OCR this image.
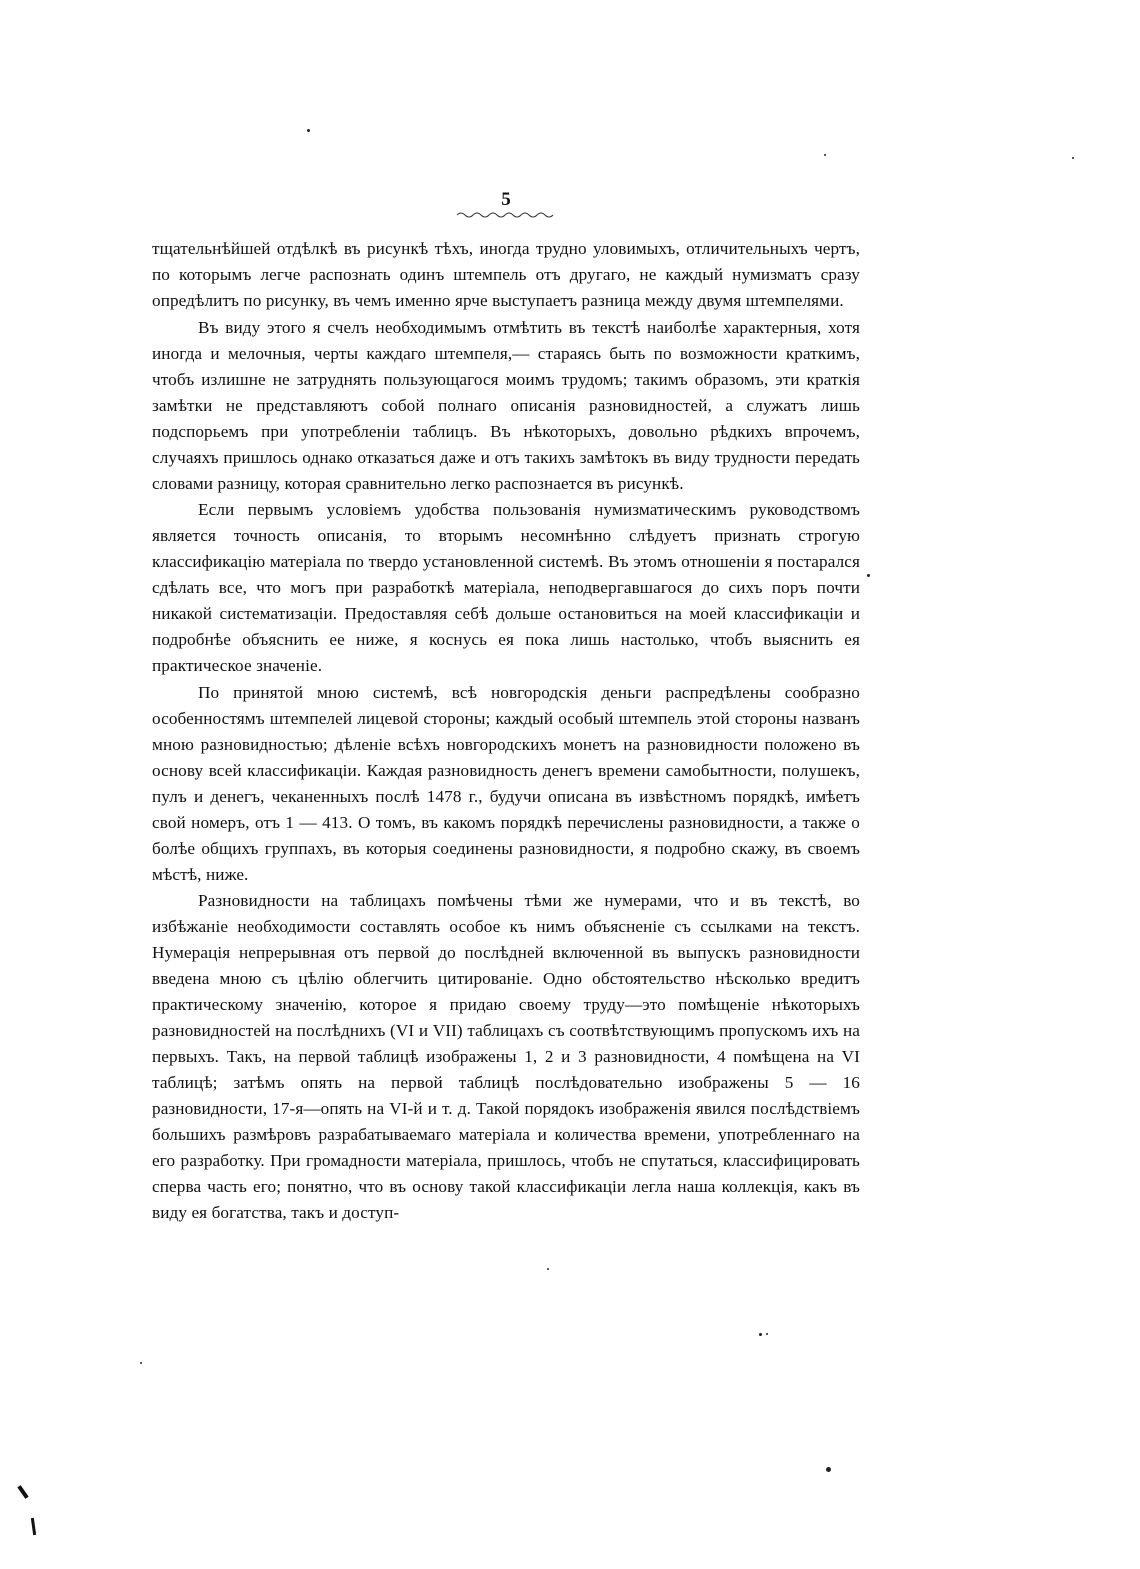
5

тщательнѣйшей отдѣлкѣ въ рисункѣ тѣхъ, иногда трудно уловимыхъ, отличительныхъ чертъ, по которымъ легче распознать одинъ штемпель отъ другаго, не каждый нумизматъ сразу опредѣлитъ по рисунку, въ чемъ именно ярче выступаетъ разница между двумя штемпелями.

Въ виду этого я счелъ необходимымъ отмѣтить въ текстѣ наиболѣе характерныя, хотя иногда и мелочныя, черты каждаго штемпеля,— стараясь быть по возможности краткимъ, чтобъ излишне не затруднять пользующагося моимъ трудомъ; такимъ образомъ, эти краткія замѣтки не представляютъ собой полнаго описанія разновидностей, а служатъ лишь подспорьемъ при употребленіи таблицъ. Въ нѣкоторыхъ, довольно рѣдкихъ впрочемъ, случаяхъ пришлось однако отказаться даже и отъ такихъ замѣтокъ въ виду трудности передать словами разницу, которая сравнительно легко распознается въ рисункѣ.

Если первымъ условіемъ удобства пользованія нумизматическимъ руководствомъ является точность описанія, то вторымъ несомнѣнно слѣдуетъ признать строгую классификацію матеріала по твердо установленной системѣ. Въ этомъ отношеніи я постарался сдѣлать все, что могъ при разработкѣ матеріала, неподвергавшагося до сихъ поръ почти никакой систематизаціи. Предоставляя себѣ дольше остановиться на моей классификаціи и подробнѣе объяснить ее ниже, я коснусь ея пока лишь настолько, чтобъ выяснить ея практическое значеніе.

По принятой мною системѣ, всѣ новгородскія деньги распредѣлены сообразно особенностямъ штемпелей лицевой стороны; каждый особый штемпель этой стороны названъ мною разновидностью; дѣленіе всѣхъ новгородскихъ монетъ на разновидности положено въ основу всей классификаціи. Каждая разновидность денегъ времени самобытности, полушекъ, пулъ и денегъ, чеканенныхъ послѣ 1478 г., будучи описана въ извѣстномъ порядкѣ, имѣетъ свой номеръ, отъ 1 — 413. О томъ, въ какомъ порядкѣ перечислены разновидности, а также о болѣе общихъ группахъ, въ которыя соединены разновидности, я подробно скажу, въ своемъ мѣстѣ, ниже.

Разновидности на таблицахъ помѣчены тѣми же нумерами, что и въ текстѣ, во избѣжаніе необходимости составлять особое къ нимъ объясненіе съ ссылками на текстъ. Нумерація непрерывная отъ первой до послѣдней включенной въ выпускъ разновидности введена мною съ цѣлію облегчить цитированіе. Одно обстоятельство нѣсколько вредитъ практическому значенію, которое я придаю своему труду—это помѣщеніе нѣкоторыхъ разновидностей на послѣднихъ (VI и VII) таблицахъ съ соотвѣтствующимъ пропускомъ ихъ на первыхъ. Такъ, на первой таблицѣ изображены 1, 2 и 3 разновидности, 4 помѣщена на VI таблицѣ; затѣмъ опять на первой таблицѣ послѣдовательно изображены 5 — 16 разновидности, 17-я—опять на VI-й и т. д. Такой порядокъ изображенія явился послѣдствіемъ большихъ размѣровъ разрабатываемаго матеріала и количества времени, употребленнаго на его разработку. При громадности матеріала, пришлось, чтобъ не спутаться, классифицировать сперва часть его; понятно, что въ основу такой классификаціи легла наша коллекція, какъ въ виду ея богатства, такъ и доступ-
